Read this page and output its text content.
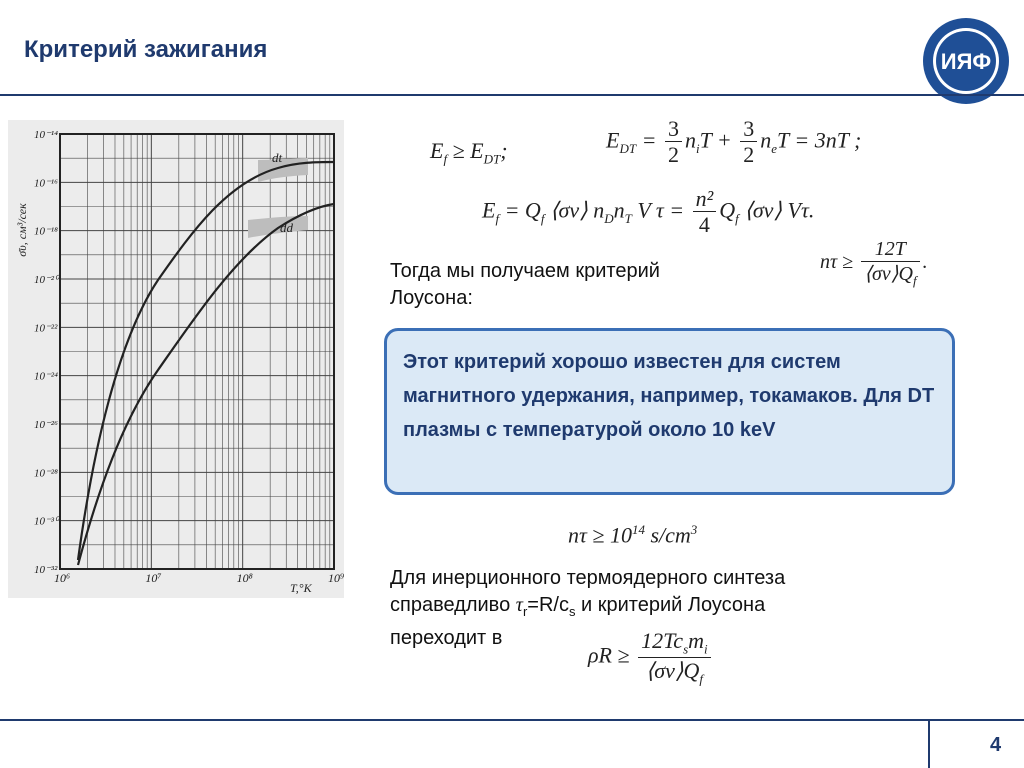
Критерий зажигания	ИЯФ
dt
dd
10⁻¹⁴
10⁻¹⁶
10⁻¹⁸
10⁻²⁰
10⁻²²
10⁻²⁴
10⁻²⁶
10⁻²⁸
10⁻³⁰
10⁻³²
10⁶	10⁷	10⁸	10⁹
σ̄υ, см³/сек
T,°K
$E_f \ge E_{DT}$;	$E_{DT} = \frac{3}{2} n_iT + \frac{3}{2} n_eT = 3nT$ ;
$E_f = Q_f$ ⟨σv⟩ $n_Dn_T$ V $\tau = \frac{\text{n²}}{4} Q_f$ ⟨σv⟩ Vτ.
Тогда мы получаем критерий
Лоусона:
$n\tau \ge \frac{12T}{⟨\sigma v⟩Q_f}$ .
Этот критерий хорошо известен для систем магнитного удержания, например, токамаков. Для DT плазмы с температурой около 10 keV
$n\tau \ge 10^{14}$ $s/cm^3$
Для инерционного термоядерного синтеза
справедливо $\tau_r=R/c_s$ и критерий Лоусона
переходит в
$\rho R \ge \frac{12Tc_sm_i}{⟨\sigma v⟩Q_f}$
4
